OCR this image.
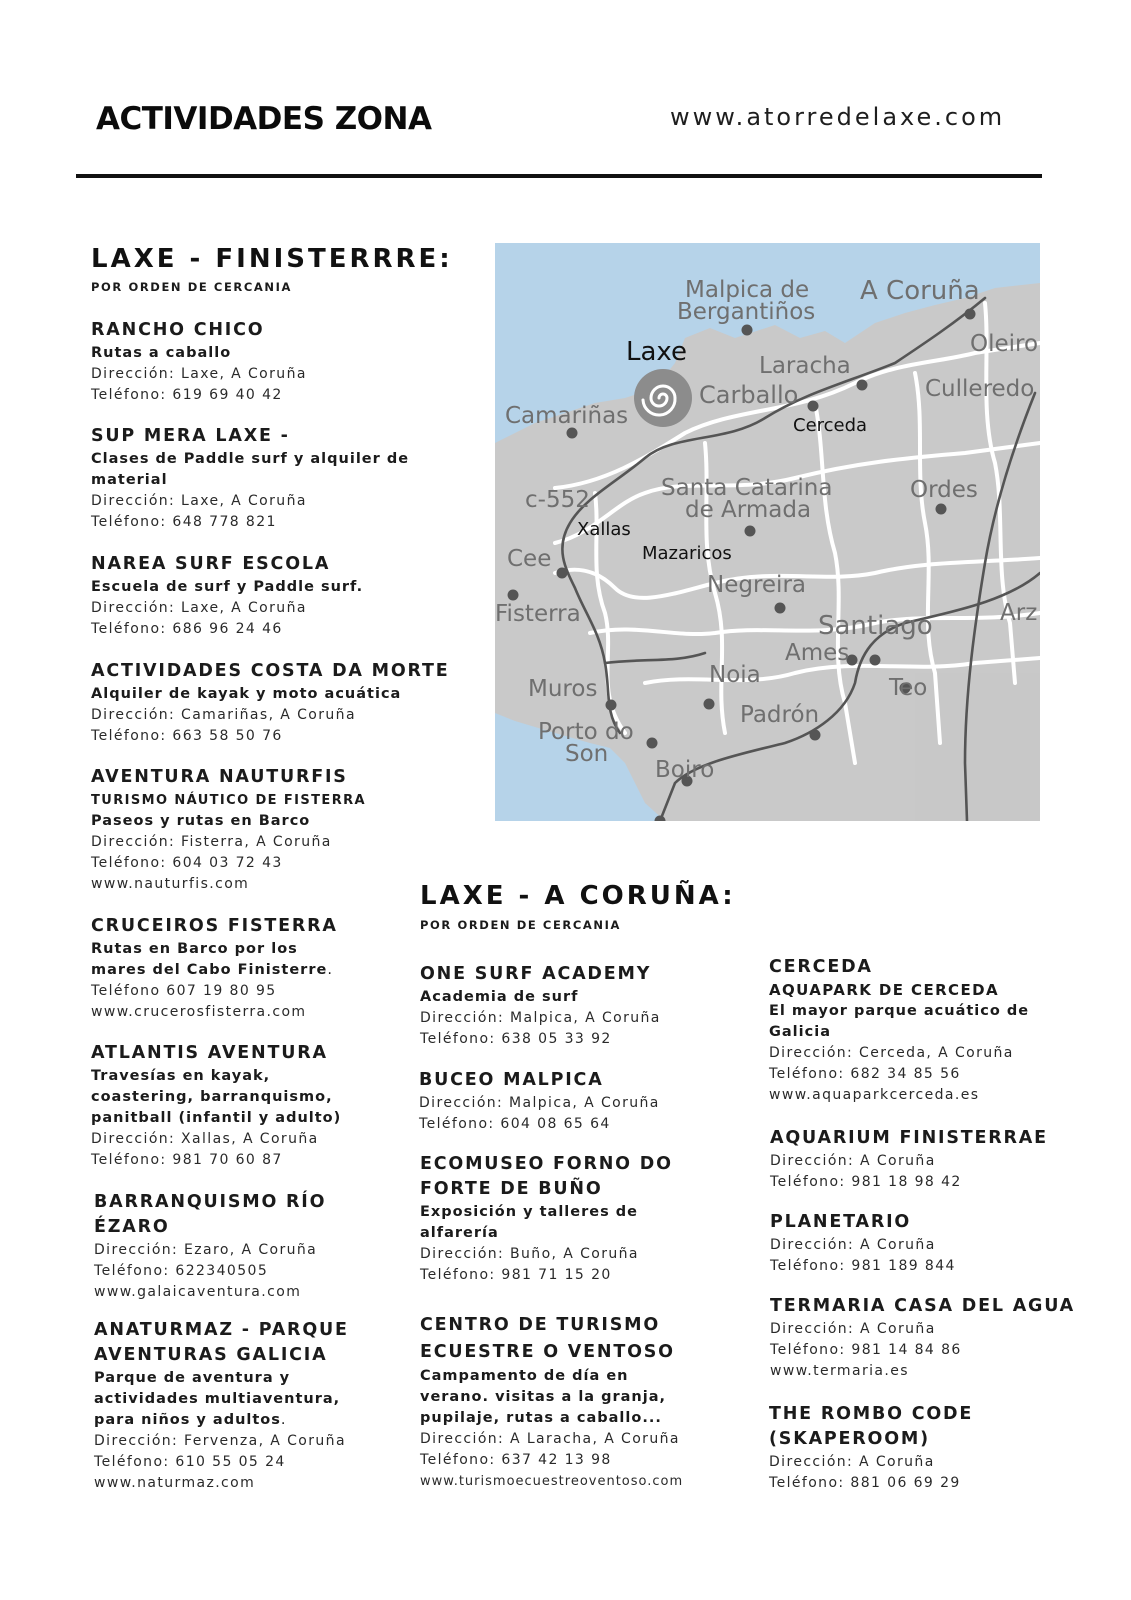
ACTIVIDADES ZONA	www.atorredelaxe.com
LAXE - FINISTERRRE:
POR ORDEN DE CERCANIA
RANCHO CHICO
Rutas a caballo
Dirección: Laxe, A Coruña
Teléfono: 619 69 40 42
SUP MERA LAXE -
Clases de Paddle surf y alquiler de material
Dirección: Laxe, A Coruña
Teléfono: 648 778 821
NAREA SURF ESCOLA
Escuela de surf y Paddle surf.
Dirección: Laxe, A Coruña
Teléfono: 686 96 24 46
ACTIVIDADES COSTA DA MORTE
Alquiler de kayak y moto acuática
Dirección: Camariñas, A Coruña
Teléfono: 663 58 50 76
AVENTURA NAUTURFIS
TURISMO NÁUTICO DE FISTERRA
Paseos y rutas en Barco
Dirección: Fisterra, A Coruña
Teléfono: 604 03 72 43
www.nauturfis.com
CRUCEIROS FISTERRA
Rutas en Barco por los
mares del Cabo Finisterre.
Teléfono 607 19 80 95
www.crucerosfisterra.com
ATLANTIS AVENTURA
Travesías en kayak,
coastering, barranquismo,
panitball (infantil y adulto)
Dirección: Xallas, A Coruña
Teléfono: 981 70 60 87
BARRANQUISMO RÍO
ÉZARO
Dirección: Ezaro, A Coruña
Teléfono: 622340505
www.galaicaventura.com
ANATURMAZ - PARQUE
AVENTURAS GALICIA
Parque de aventura y
actividades multiaventura,
para niños y adultos.
Dirección: Fervenza, A Coruña
Teléfono: 610 55 05 24
www.naturmaz.com
Malpica de
Bergantiños
A Coruña
Oleiro
Laracha
Carballo	Culleredo
Camariñas
Santa Catarina
de Armada
Ordes
c-552
Cee
Fisterra
Negreira
Santiago	Arz
Ames
Muros
Noia	Teo
Padrón
Porto do
Son
Boiro
Laxe
Cerceda
Xallas
Mazaricos
LAXE - A CORUÑA:
POR ORDEN DE CERCANIA
ONE SURF ACADEMY
Academia de surf
Dirección: Malpica, A Coruña
Teléfono: 638 05 33 92
BUCEO MALPICA
Dirección: Malpica, A Coruña
Teléfono: 604 08 65 64
ECOMUSEO FORNO DO
FORTE DE BUÑO
Exposición y talleres de
alfarería
Dirección: Buño, A Coruña
Teléfono: 981 71 15 20
CENTRO DE TURISMO
ECUESTRE O VENTOSO
Campamento de día en
verano. visitas a la granja,
pupilaje, rutas a caballo...
Dirección: A Laracha, A Coruña
Teléfono: 637 42 13 98
www.turismoecuestreoventoso.com
CERCEDA
AQUAPARK DE CERCEDA
El mayor parque acuático de Galicia
Dirección: Cerceda, A Coruña
Teléfono: 682 34 85 56
www.aquaparkcerceda.es
AQUARIUM FINISTERRAE
Dirección: A Coruña
Teléfono: 981 18 98 42
PLANETARIO
Dirección: A Coruña
Teléfono: 981 189 844
TERMARIA CASA DEL AGUA
Dirección: A Coruña
Teléfono: 981 14 84 86
www.termaria.es
THE ROMBO CODE
(SKAPEROOM)
Dirección: A Coruña
Teléfono: 881 06 69 29
